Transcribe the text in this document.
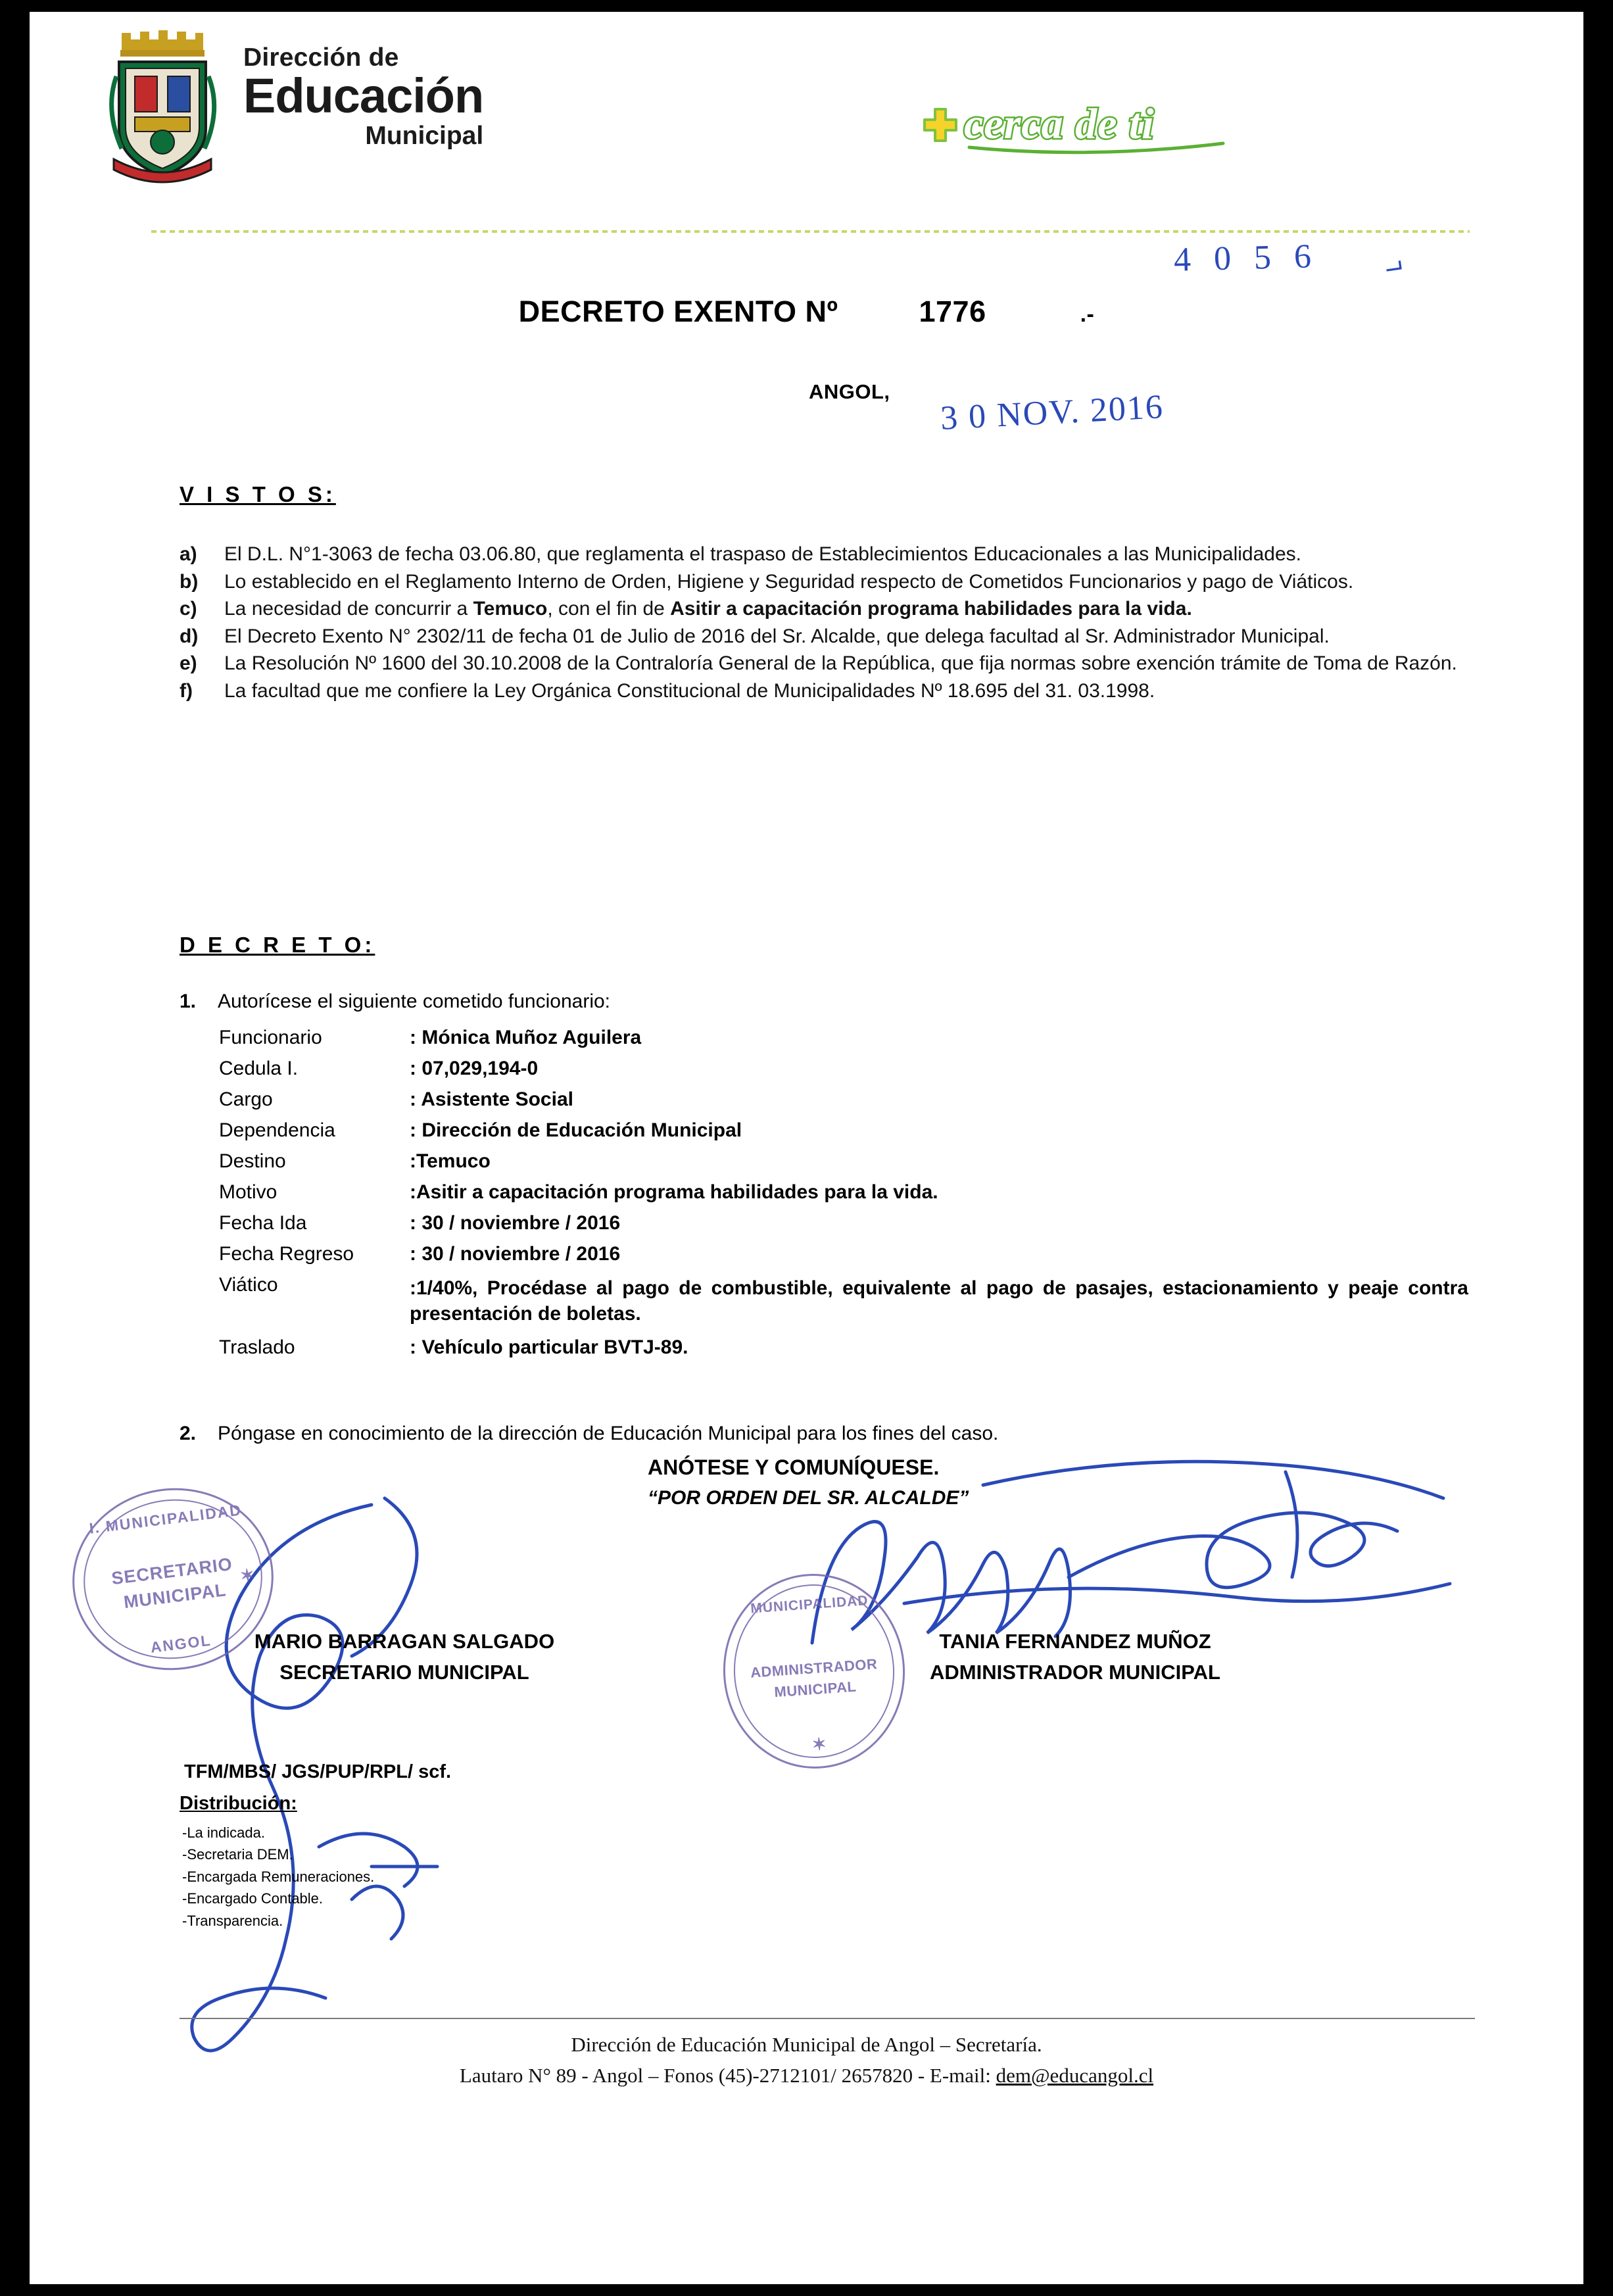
Dirección de
Educación
Municipal	cerca de ti
4 0 5 6 ⨼
DECRETO EXENTO Nº	1776	.-
ANGOL, 3 0 NOV. 2016
V I S T O S:
a)	El D.L. N°1-3063 de fecha 03.06.80, que reglamenta el traspaso de Establecimientos Educacionales a las Municipalidades.
b)	Lo establecido en el Reglamento Interno de Orden, Higiene y Seguridad respecto de Cometidos Funcionarios y pago de Viáticos.
c)	La necesidad de concurrir a Temuco, con el fin de Asitir a capacitación programa habilidades para la vida.
d)	El Decreto Exento N° 2302/11 de fecha 01 de Julio de 2016 del Sr. Alcalde, que delega facultad al Sr. Administrador Municipal.
e)	La Resolución Nº 1600 del 30.10.2008 de la Contraloría General de la República, que fija normas sobre exención trámite de Toma de Razón.
f)	La facultad que me confiere la Ley Orgánica Constitucional de Municipalidades Nº 18.695 del 31. 03.1998.
D E C R E T O:
1.	Autorícese el siguiente cometido funcionario:
Funcionario	: Mónica Muñoz Aguilera
Cedula I.	: 07,029,194-0
Cargo	: Asistente Social
Dependencia	: Dirección de Educación Municipal
Destino	:Temuco
Motivo	:Asitir a capacitación programa habilidades para la vida.
Fecha Ida	: 30 / noviembre / 2016
Fecha Regreso	: 30 / noviembre / 2016
Viático	:1/40%, Procédase al pago de combustible, equivalente al pago de pasajes, estacionamiento y peaje contra presentación de boletas.
Traslado	: Vehículo particular BVTJ-89.
2.	Póngase en conocimiento de la dirección de Educación Municipal para los fines del caso.
ANÓTESE Y COMUNÍQUESE.
“POR ORDEN DEL SR. ALCALDE”
I. MUNICIPALIDAD
SECRETARIO
MUNICIPAL
ANGOL
✶
MUNICIPALIDAD
ADMINISTRADOR
MUNICIPAL
✶
MARIO BARRAGAN SALGADO
SECRETARIO MUNICIPAL
TANIA FERNANDEZ MUÑOZ
ADMINISTRADOR MUNICIPAL
TFM/MBS/ JGS/PUP/RPL/ scf.
Distribución:
-La indicada.
-Secretaria DEM.
-Encargada Remuneraciones.
-Encargado Contable.
-Transparencia.
Dirección de Educación Municipal de Angol – Secretaría.
Lautaro N° 89 - Angol – Fonos (45)-2712101/ 2657820 - E-mail: dem@educangol.cl
